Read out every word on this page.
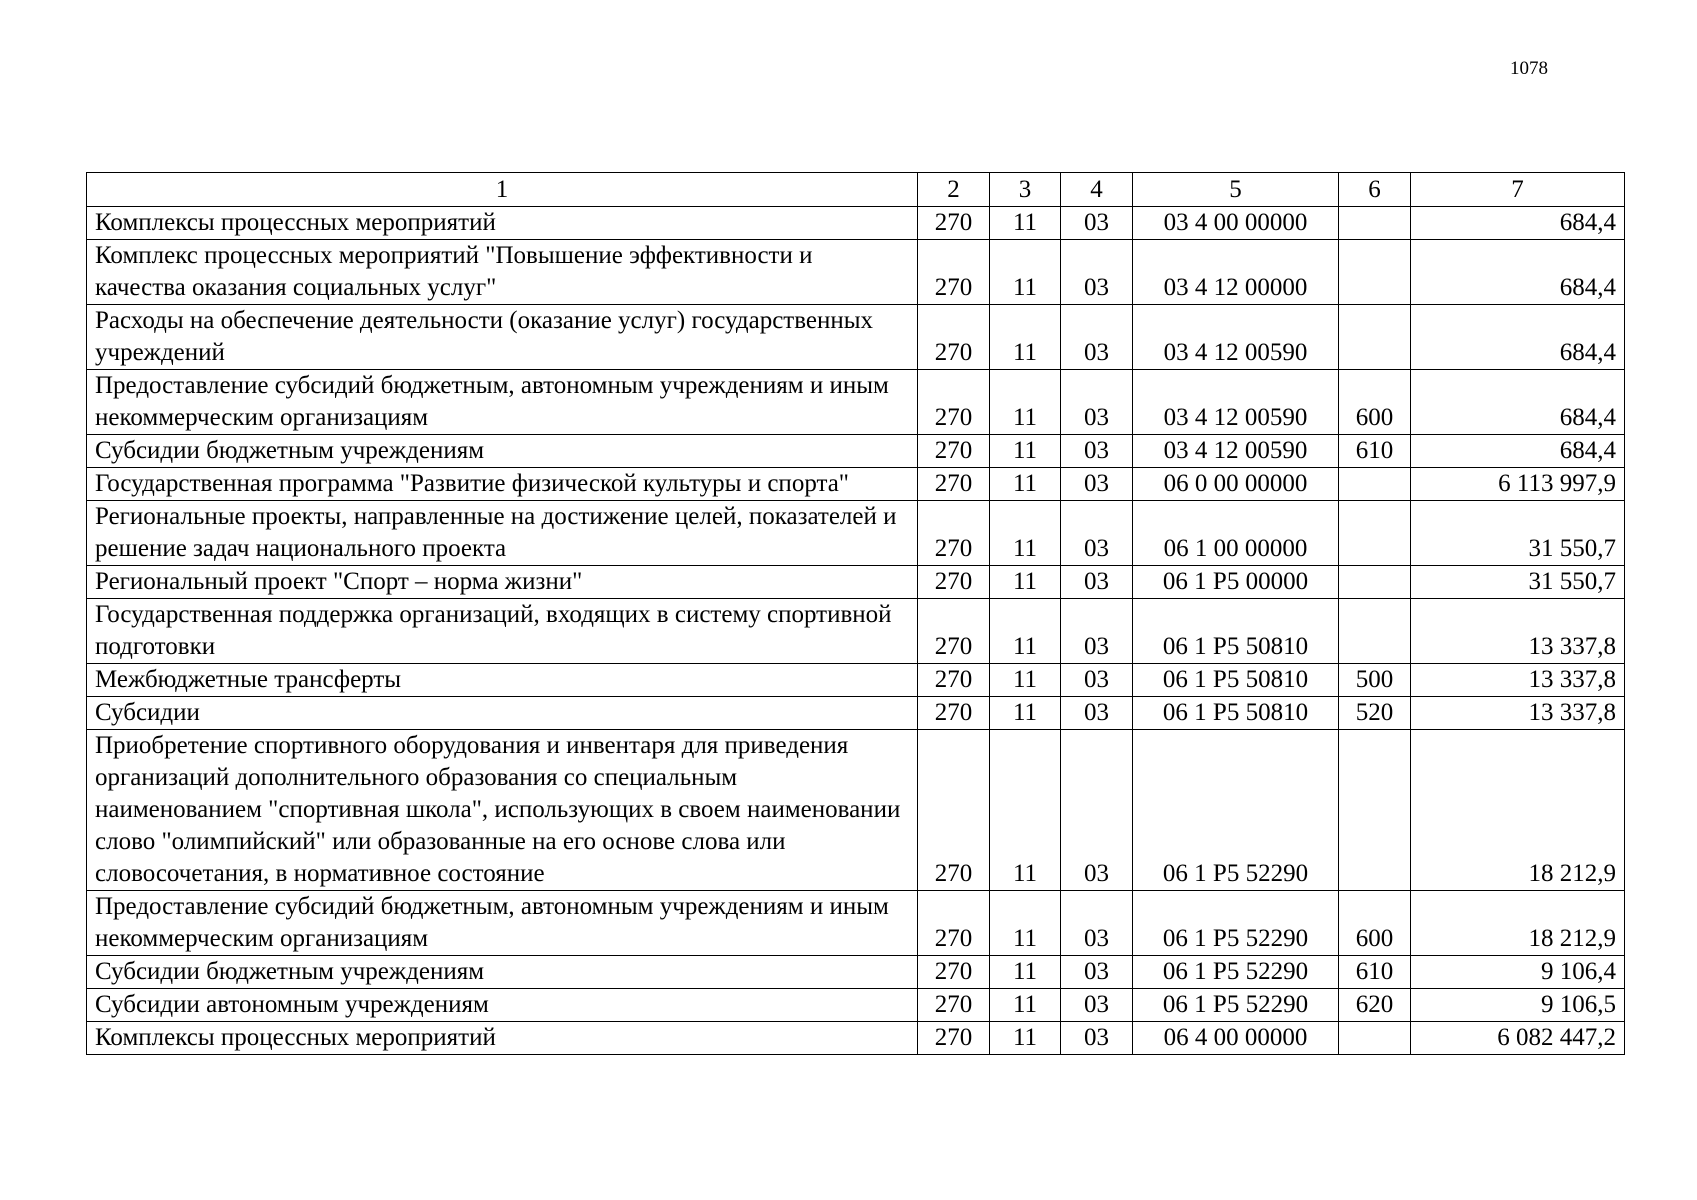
1078
1	2	3	4	5	6	7
Комплексы процессных мероприятий	270	11	03	03 4 00 00000		684,4
Комплекс процессных мероприятий "Повышение эффективности и качества оказания социальных услуг"	270	11	03	03 4 12 00000		684,4
Расходы на обеспечение деятельности (оказание услуг) государственных учреждений	270	11	03	03 4 12 00590		684,4
Предоставление субсидий бюджетным, автономным учреждениям и иным некоммерческим организациям	270	11	03	03 4 12 00590	600	684,4
Субсидии бюджетным учреждениям	270	11	03	03 4 12 00590	610	684,4
Государственная программа "Развитие физической культуры и спорта"	270	11	03	06 0 00 00000		6 113 997,9
Региональные проекты, направленные на достижение целей, показателей и решение задач национального проекта	270	11	03	06 1 00 00000		31 550,7
Региональный проект "Спорт – норма жизни"	270	11	03	06 1 P5 00000		31 550,7
Государственная поддержка организаций, входящих в систему спортивной подготовки	270	11	03	06 1 P5 50810		13 337,8
Межбюджетные трансферты	270	11	03	06 1 P5 50810	500	13 337,8
Субсидии	270	11	03	06 1 P5 50810	520	13 337,8
Приобретение спортивного оборудования и инвентаря для приведения организаций дополнительного образования со специальным наименованием "спортивная школа", использующих в своем наименовании слово "олимпийский" или образованные на его основе слова или словосочетания, в нормативное состояние	270	11	03	06 1 P5 52290		18 212,9
Предоставление субсидий бюджетным, автономным учреждениям и иным некоммерческим организациям	270	11	03	06 1 P5 52290	600	18 212,9
Субсидии бюджетным учреждениям	270	11	03	06 1 P5 52290	610	9 106,4
Субсидии автономным учреждениям	270	11	03	06 1 P5 52290	620	9 106,5
Комплексы процессных мероприятий	270	11	03	06 4 00 00000		6 082 447,2
